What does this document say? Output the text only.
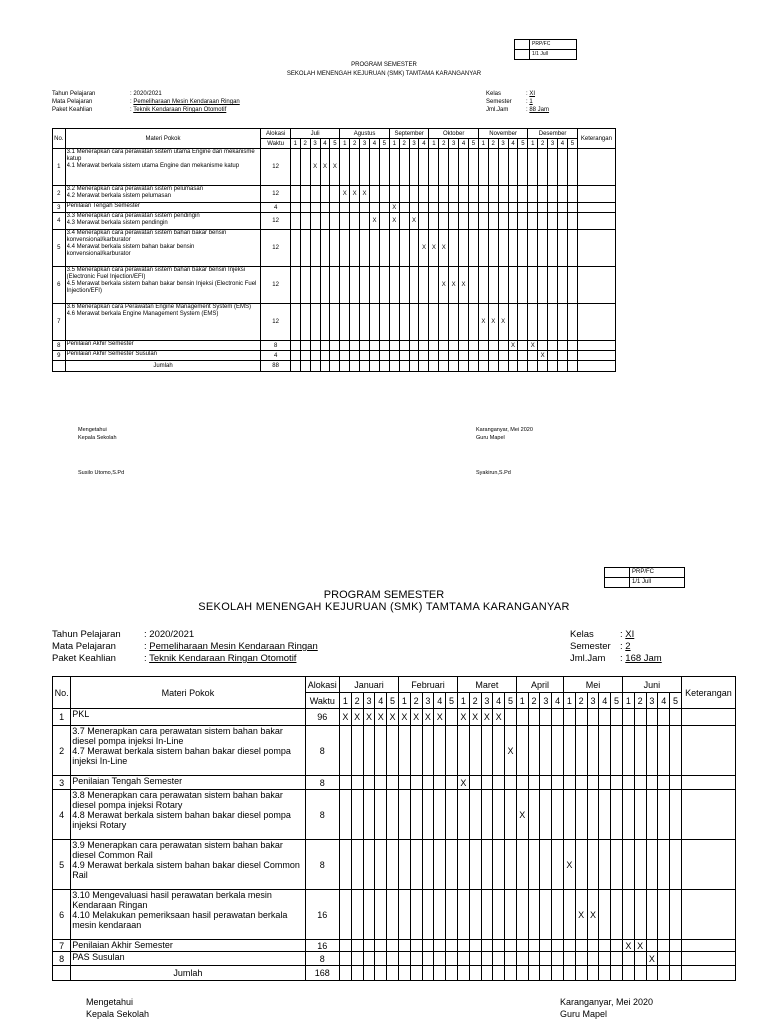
	PRP/FC
	1/1 Jull
PROGRAM SEMESTER
SEKOLAH MENENGAH KEJURUAN (SMK) TAMTAMA KARANGANYAR
Tahun Pelajaran	: 2020/2021
Mata Pelajaran	: Pemeliharaan Mesin Kendaraan Ringan
Paket Keahlian	: Teknik Kendaraan Ringan Otomotif
Kelas	: XI
Semester : 1
Jml.Jam	: 88 Jam
No.	Materi Pokok	Alokasi	Juli					Agustus					September				Oktober					November					Desember					Keterangan
		Waktu	1	2	3	4	5	1	2	3	4	5	1	2	3	4	1	2	3	4	5	1	2	3	4	5	1	2	3	4	5	
1	3.1 Menerapkan cara perawatan sistem utama Engine dan mekanisme katup
4.1 Merawat berkala sistem utama Engine dan mekanisme katup	12			X	X	X																									
2	3.2 Menerapkan cara perawatan sistem pelumasan
4.2 Merawat berkala sistem pelumasan	12						X	X	X																						
3	Penilaian Tengah Semester	4											X																			
4	3.3 Menerapkan cara perawatan sistem pendingin
4.3 Merawat berkala sistem pendingin	12									X		X		X																	
5	3.4 Menerapkan cara perawatan sistem bahan bakar bensin konvensional/karburator
4.4 Merawat berkala sistem bahan bakar bensin konvensional/karburator	12														X	X	X														
6	3.5 Menerapkan cara perawatan sistem bahan bakar bensin Injeksi (Electronic Fuel Injection/EFI)
4.5 Merawat berkala sistem bahan bakar bensin Injeksi (Electronic Fuel Injection/EFI)	12																X	X	X												
7	3.6 Menerapkan cara Perawatan Engine Management System (EMS)
4.6 Merawat berkala Engine Management System (EMS)	12																				X	X	X								
8	Penilaian Akhir Semester	8																							X		X					
9	Penilaian Akhir Semester Susulan	4																										X				
	Jumlah	88																														
Mengetahui
Kepala Sekolah
Susilo Utomo,S.Pd
Karanganyar, Mei 2020
Guru Mapel
Syakirun,S.Pd
	PRP/FC
	1/1 Jull
PROGRAM SEMESTER
SEKOLAH MENENGAH KEJURUAN (SMK) TAMTAMA KARANGANYAR
Tahun Pelajaran : 2020/2021
Mata Pelajaran	: Pemeliharaan Mesin Kendaraan Ringan
Paket Keahlian	: Teknik Kendaraan Ringan Otomotif
Kelas	: XI
Semester : 2
Jml.Jam : 168 Jam
No.	Materi Pokok	Alokasi	Januari					Februari					Maret					April				Mei					Juni					Keterangan
		Waktu	1	2	3	4	5	1	2	3	4	5	1	2	3	4	5	1	2	3	4	1	2	3	4	5	1	2	3	4	5	
1	PKL	96	X	X	X	X	X	X	X	X	X		X	X	X	X																
2	3.7 Menerapkan cara perawatan sistem bahan bakar diesel pompa injeksi In-Line
4.7 Merawat berkala sistem bahan bakar diesel pompa injeksi In-Line	8															X															
3	Penilaian Tengah Semester	8											X																			
4	3.8 Menerapkan cara perawatan sistem bahan bakar diesel pompa injeksi Rotary
4.8 Merawat berkala sistem bahan bakar diesel pompa injeksi Rotary	8																X														
5	3.9 Menerapkan cara perawatan sistem bahan bakar diesel Common Rail
4.9 Merawat berkala sistem bahan bakar diesel Common Rail	8																				X										
6	3.10 Mengevaluasi hasil perawatan berkala mesin Kendaraan Ringan
4.10 Melakukan pemeriksaan hasil perawatan berkala mesin kendaraan	16																					X	X								
7	Penilaian Akhir Semester	16																									X	X				
8	PAS Susulan	8																											X			
	Jumlah	168																														
Mengetahui
Kepala Sekolah
Karanganyar, Mei 2020
Guru Mapel
